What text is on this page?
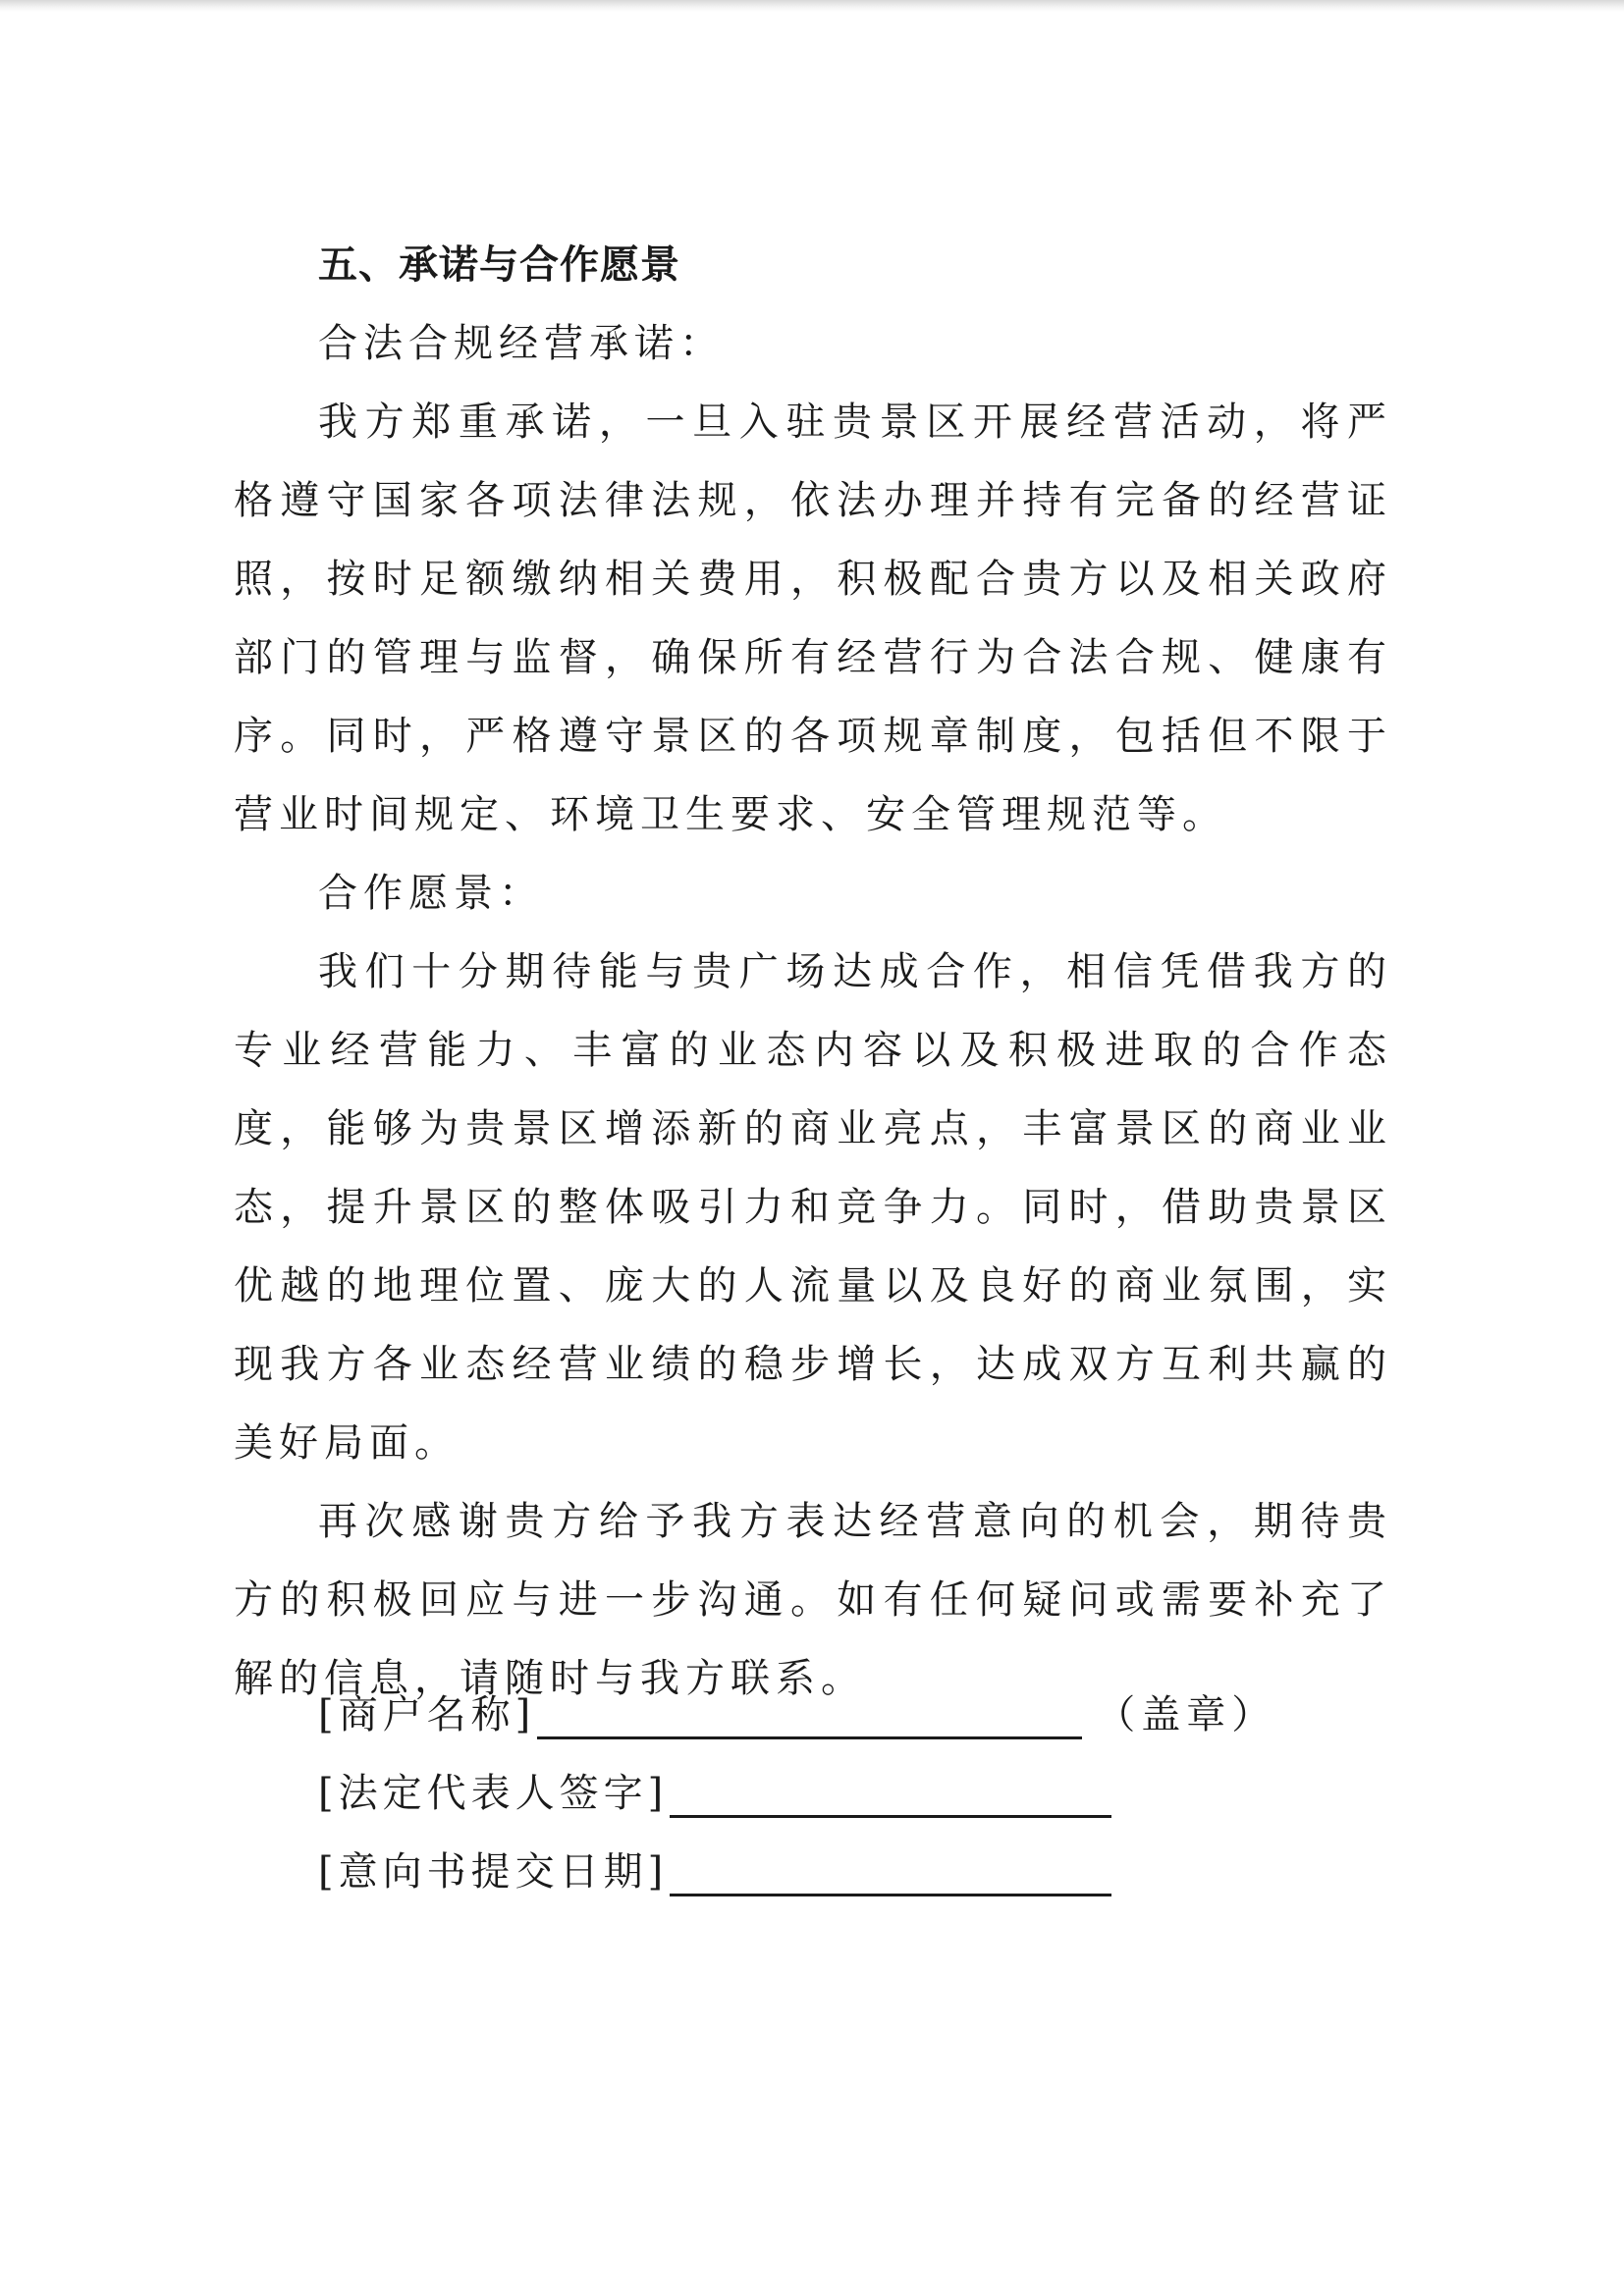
五、承诺与合作愿景

合法合规经营承诺：

我方郑重承诺，一旦入驻贵景区开展经营活动，将严格遵守国家各项法律法规，依法办理并持有完备的经营证照，按时足额缴纳相关费用，积极配合贵方以及相关政府部门的管理与监督，确保所有经营行为合法合规、健康有序。同时，严格遵守景区的各项规章制度，包括但不限于营业时间规定、环境卫生要求、安全管理规范等。

合作愿景：

我们十分期待能与贵广场达成合作，相信凭借我方的专业经营能力、丰富的业态内容以及积极进取的合作态度，能够为贵景区增添新的商业亮点，丰富景区的商业业态，提升景区的整体吸引力和竞争力。同时，借助贵景区优越的地理位置、庞大的人流量以及良好的商业氛围，实现我方各业态经营业绩的稳步增长，达成双方互利共赢的美好局面。

再次感谢贵方给予我方表达经营意向的机会，期待贵方的积极回应与进一步沟通。如有任何疑问或需要补充了解的信息，请随时与我方联系。

[商户名称]	（盖章）
[法定代表人签字]
[意向书提交日期]
